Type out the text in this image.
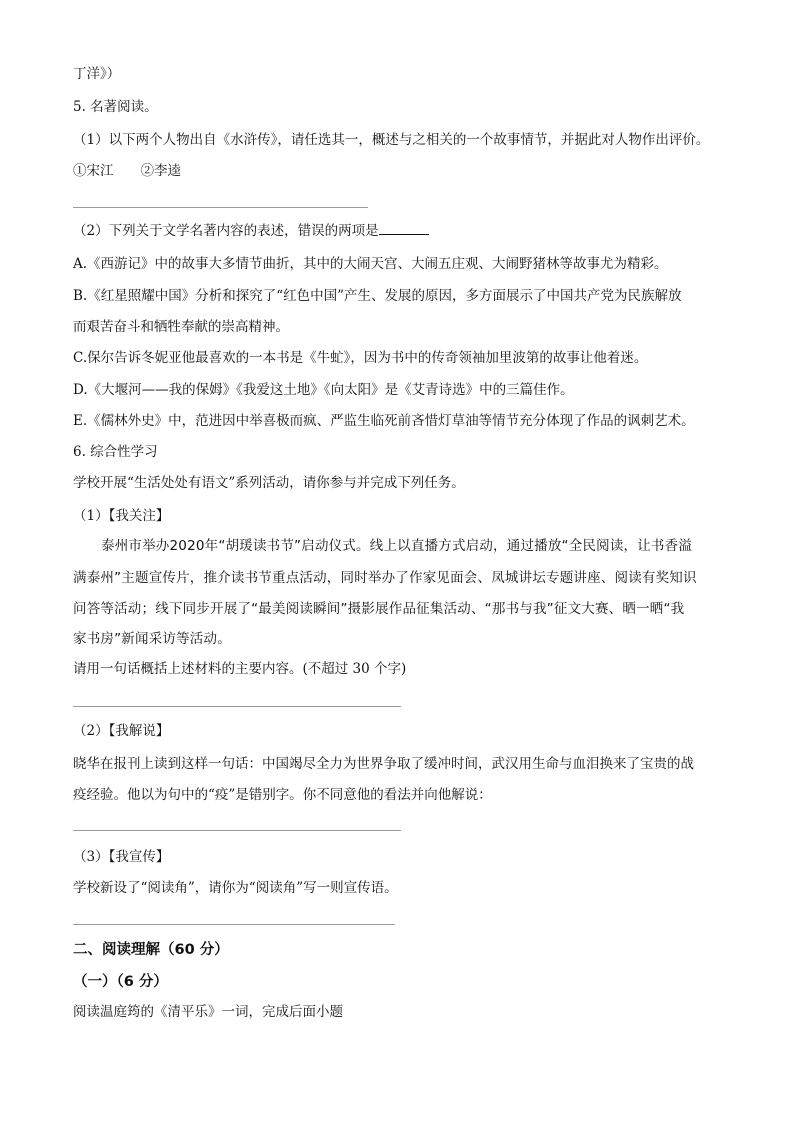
丁洋》）
5. 名著阅读。
（1）以下两个人物出自《水浒传》，请任选其一，概述与之相关的一个故事情节，并据此对人物作出评价。
①宋江　　②李逵
（2）下列关于文学名著内容的表述，错误的两项是
A.《西游记》中的故事大多情节曲折，其中的大闹天宫、大闹五庄观、大闹野猪林等故事尤为精彩。
B.《红星照耀中国》分析和探究了“红色中国”产生、发展的原因，多方面展示了中国共产党为民族解放
而艰苦奋斗和牺牲奉献的崇高精神。
C.保尔告诉冬妮亚他最喜欢的一本书是《牛虻》，因为书中的传奇领袖加里波第的故事让他着迷。
D.《大堰河——我的保姆》《我爱这土地》《向太阳》是《艾青诗选》中的三篇佳作。
E.《儒林外史》中，范进因中举喜极而疯、严监生临死前吝惜灯草油等情节充分体现了作品的讽刺艺术。
6. 综合性学习
学校开展“生活处处有语文”系列活动，请你参与并完成下列任务。
（1）【我关注】
泰州市举办2020年“胡瑗读书节”启动仪式。线上以直播方式启动，通过播放“全民阅读，让书香溢
满泰州”主题宣传片，推介读书节重点活动，同时举办了作家见面会、凤城讲坛专题讲座、阅读有奖知识
问答等活动；线下同步开展了“最美阅读瞬间”摄影展作品征集活动、“那书与我”征文大赛、晒一晒“我
家书房”新闻采访等活动。
请用一句话概括上述材料的主要内容。(不超过 30 个字)
（2）【我解说】
晓华在报刊上读到这样一句话：中国竭尽全力为世界争取了缓冲时间，武汉用生命与血泪换来了宝贵的战
疫经验。他以为句中的“疫”是错别字。你不同意他的看法并向他解说：
（3）【我宣传】
学校新设了“阅读角”，请你为“阅读角”写一则宣传语。
二、阅读理解（60 分）
（一）（6 分）
阅读温庭筠的《清平乐》一词，完成后面小题
